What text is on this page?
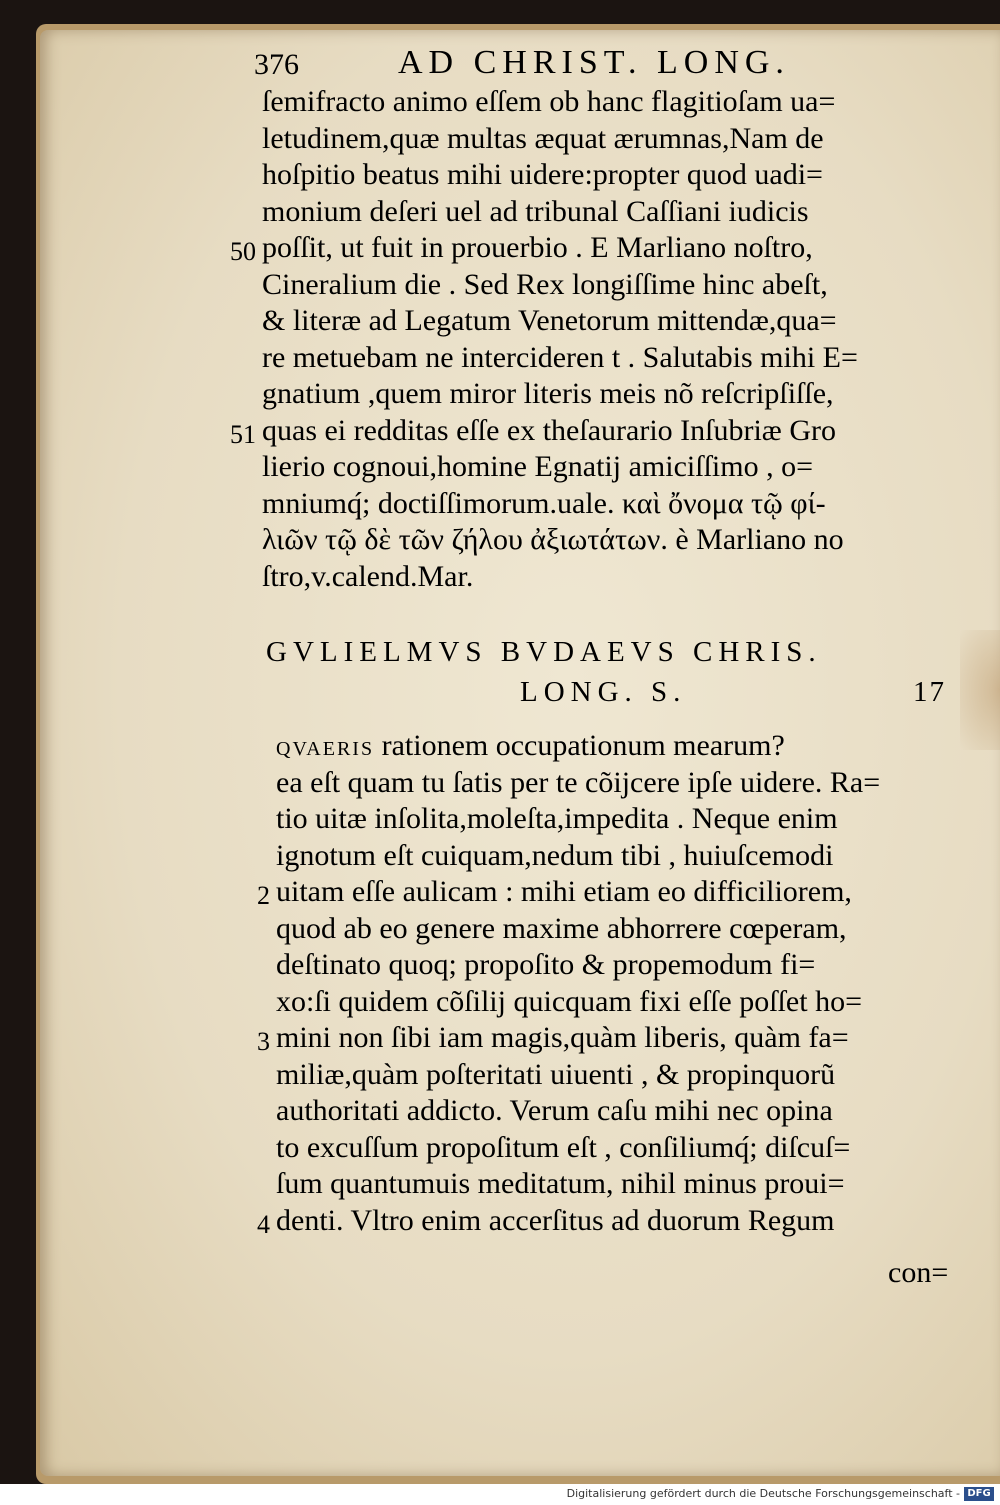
376	AD CHRIST. LONG.
ſemifracto animo eſſem ob hanc flagitioſam ua=
letudinem,quæ multas æquat ærumnas,Nam de
hoſpitio beatus mihi uidere:propter quod uadi=
monium deſeri uel ad tribunal Caſſiani iudicis
poſſit, ut fuit in prouerbio . E Marliano noſtro,
50
Cineralium die . Sed Rex longiſſime hinc abeſt,
& literæ ad Legatum Venetorum mittendæ,qua=
re metuebam ne intercideren t . Salutabis mihi E=
gnatium ,quem miror literis meis nõ reſcripſiſſe,
quas ei redditas eſſe ex theſaurario Inſubriæ Gro
51
lierio cognoui,homine Egnatij amiciſſimo , o=
mniumq́; doctiſſimorum.uale. καὶ ὄνομα τῷ φί-
λιῶν τῷ δὲ τῶν ζήλου ἀξιωτάτων. è Marliano no
ſtro,v.calend.Mar.
GVLIELMVS BVDAEVS CHRIS.
LONG. S.	17
QVAERIS rationem occupationum mearum?
ea eſt quam tu ſatis per te cõijcere ipſe uidere. Ra=
tio uitæ inſolita,moleſta,impedita . Neque enim
ignotum eſt cuiquam,nedum tibi , huiuſcemodi
uitam eſſe aulicam : mihi etiam eo difficiliorem,
2
quod ab eo genere maxime abhorrere cœperam,
deſtinato quoq; propoſito & propemodum fi=
xo:ſi quidem cõſilij quicquam fixi eſſe poſſet ho=
mini non ſibi iam magis,quàm liberis, quàm fa=
3
miliæ,quàm poſteritati uiuenti , & propinquorũ
authoritati addicto. Verum caſu mihi nec opina
to excuſſum propoſitum eſt , conſiliumq́; diſcuſ=
ſum quantumuis meditatum, nihil minus proui=
denti. Vltro enim accerſitus ad duorum Regum
4
con=
Digitalisierung gefördert durch die Deutsche Forschungsgemeinschaft - DFG
